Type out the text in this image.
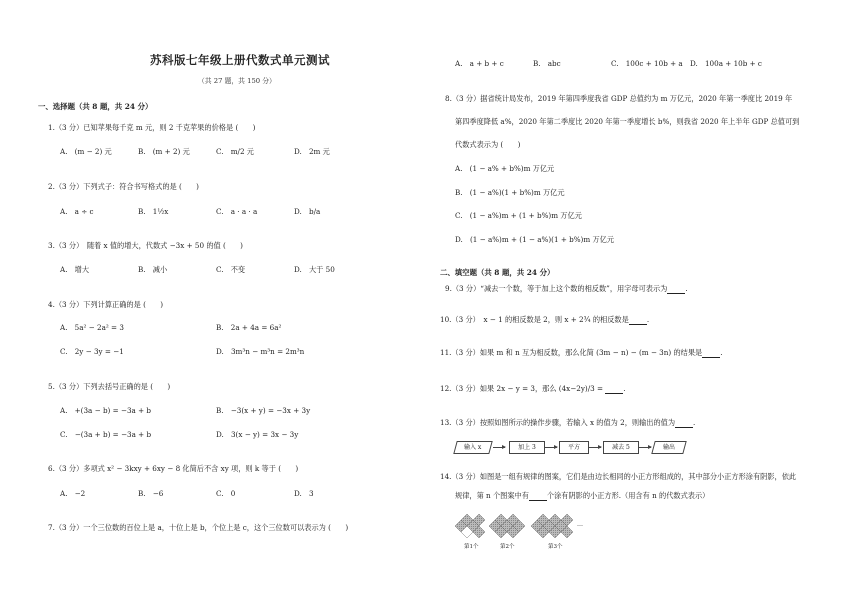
苏科版七年级上册代数式单元测试
（共 27 题，共 150 分）
一、选择题（共 8 题，共 24 分）
1.（3 分）已知苹果每千克 m 元，则 2 千克苹果的价格是 (　　)
A.　(m − 2) 元	B.　(m + 2) 元	C.　m/2 元	D.　2m 元
2.（3 分）下列式子：符合书写格式的是 (　　)
A.　a ÷ c	B.　1½x	C.　a · a · a	D.　b/a
3.（3 分）　随着 x 值的增大，代数式 −3x + 50 的值 (　　)
A.　增大	B.　减小	C.　不变	D.　大于 50
4.（3 分）下列计算正确的是 (　　)
A.　5a² − 2a² = 3	B.　2a + 4a = 6a²
C.　2y − 3y = −1	D.　3m³n − m³n = 2m³n
5.（3 分）下列去括号正确的是 (　　)
A.　+(3a − b) = −3a + b	B.　−3(x + y) = −3x + 3y
C.　−(3a + b) = −3a + b	D.　3(x − y) = 3x − 3y
6.（3 分）多项式 x² − 3kxy + 6xy − 8 化简后不含 xy 项，则 k 等于 (　　)
A.　−2	B.　−6	C.　0	D.　3
7.（3 分）一个三位数的百位上是 a，十位上是 b，个位上是 c，这个三位数可以表示为 (　　)
A.　a + b + c	B.　abc	C.　100c + 10b + a D.　100a + 10b + c
8.（3 分）据省统计局发布，2019 年第四季度我省 GDP 总值约为 m 万亿元，2020 年第一季度比 2019 年
第四季度降低 a%，2020 年第二季度比 2020 年第一季度增长 b%，则我省 2020 年上半年 GDP 总值可到
代数式表示为 (　　)
A.　(1 − a% + b%)m 万亿元
B.　(1 − a%)(1 + b%)m 万亿元
C.　(1 − a%)m + (1 + b%)m 万亿元
D.　(1 − a%)m + (1 − a%)(1 + b%)m 万亿元
二、填空题（共 8 题，共 24 分）
9.（3 分）“减去一个数，等于加上这个数的相反数”，用字母可表示为	.
10.（3 分）　x − 1 的相反数是 2，则 x + 2¾ 的相反数是	.
11.（3 分）如果 m 和 n 互为相反数，那么化简 (3m − n) − (m − 3n) 的结果是	.
12.（3 分）如果 2x − y = 3，那么 (4x−2y)/3 =	.
13.（3 分）按照如图所示的操作步骤，若输入 x 的值为 2，则输出的值为	.
输入 x	加上 3	平方	减去 5	输出
14.（3 分）如图是一组有规律的图案，它们是由边长相同的小正方形组成的，其中部分小正方形涂有阴影，依此
规律，第 n 个图案中有	个涂有阴影的小正方形.（用含有 n 的代数式表示）
…
第1个	第2个	第3个
